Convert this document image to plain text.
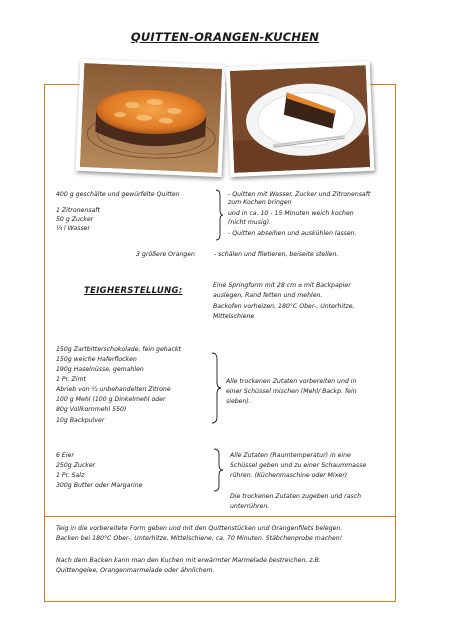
QUITTEN-ORANGEN-KUCHEN
400 g geschälte und gewürfelte Quitten
1 Zitronensaft
50 g Zucker
¼ l Wasser
- Quitten mit Wasser, Zucker und Zitronensaft
zum Kochen bringen
und in ca. 10 - 15 Minuten weich kochen
(nicht musig).
- Quitten abseihen und auskühlen lassen.
3 größere Orangen	- schälen und filetieren, beiseite stellen.
TEIGHERSTELLUNG:
Eine Springform mit 28 cm ⌀ mit Backpapier
auslegen, Rand fetten und mehlen.
Backofen vorheizen, 180°C Ober-, Unterhitze,
Mittelschiene
150g Zartbitterschokolade, fein gehackt
150g weiche Haferflocken
190g Haselnüsse, gemahlen
1 Pr. Zimt
Abrieb von ½ unbehandelten Zitrone
100 g Mehl (100 g Dinkelmehl oder
80g Vollkornmehl 550)
10g Backpulver
Alle trockenen Zutaten vorbereiten und in
einer Schüssel mischen (Mehl/ Backp. fein
sieben).
6 Eier
250g Zucker
1 Pr. Salz
300g Butter oder Margarine
Alle Zutaten (Raumtemperatur) in eine
Schüssel geben und zu einer Schaummasse
rühren. (Küchenmaschine oder Mixer)
Die trockenen Zutaten zugeben und rasch
unterrühren.
Teig in die vorbereitete Form geben und mit den Quittenstücken und Orangenfilets belegen.
Backen bei 180°C Ober-, Unterhitze, Mittelschiene, ca. 70 Minuten. Stäbchenprobe machen!
Nach dem Backen kann man den Kuchen mit erwärmter Marmelade bestreichen, z.B.
Quittengelee, Orangenmarmelade oder ähnlichem.
